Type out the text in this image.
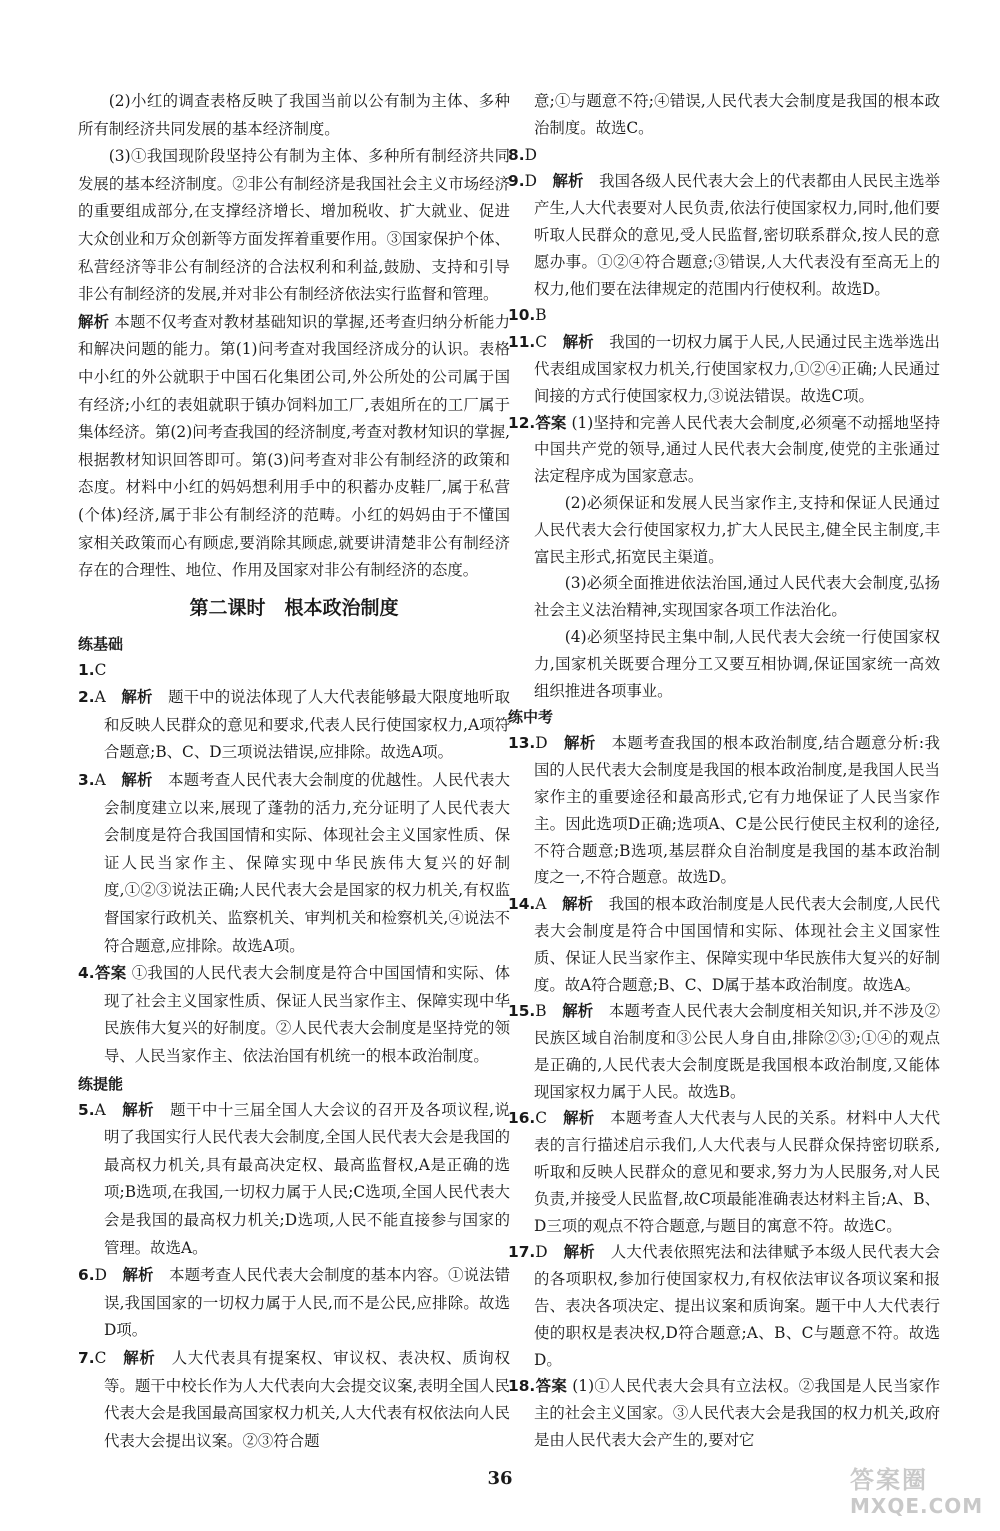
(2)小红的调查表格反映了我国当前以公有制为主体、多种所有制经济共同发展的基本经济制度。

(3)①我国现阶段坚持公有制为主体、多种所有制经济共同发展的基本经济制度。②非公有制经济是我国社会主义市场经济的重要组成部分,在支撑经济增长、增加税收、扩大就业、促进大众创业和万众创新等方面发挥着重要作用。③国家保护个体、私营经济等非公有制经济的合法权利和利益,鼓励、支持和引导非公有制经济的发展,并对非公有制经济依法实行监督和管理。

解析 本题不仅考查对教材基础知识的掌握,还考查归纳分析能力和解决问题的能力。第(1)问考查对我国经济成分的认识。表格中小红的外公就职于中国石化集团公司,外公所处的公司属于国有经济;小红的表姐就职于镇办饲料加工厂,表姐所在的工厂属于集体经济。第(2)问考查我国的经济制度,考查对教材知识的掌握,根据教材知识回答即可。第(3)问考查对非公有制经济的政策和态度。材料中小红的妈妈想利用手中的积蓄办皮鞋厂,属于私营(个体)经济,属于非公有制经济的范畴。小红的妈妈由于不懂国家相关政策而心有顾虑,要消除其顾虑,就要讲清楚非公有制经济存在的合理性、地位、作用及国家对非公有制经济的态度。

第二课时　根本政治制度

练基础

1.C

2.A　 解析　 题干中的说法体现了人大代表能够最大限度地听取和反映人民群众的意见和要求,代表人民行使国家权力,A项符合题意;B、C、D三项说法错误,应排除。故选A项。

3.A　 解析　 本题考查人民代表大会制度的优越性。人民代表大会制度建立以来,展现了蓬勃的活力,充分证明了人民代表大会制度是符合我国国情和实际、体现社会主义国家性质、保证人民当家作主、保障实现中华民族伟大复兴的好制度,①②③说法正确;人民代表大会是国家的权力机关,有权监督国家行政机关、监察机关、审判机关和检察机关,④说法不符合题意,应排除。故选A项。

4.答案 ①我国的人民代表大会制度是符合中国国情和实际、体现了社会主义国家性质、保证人民当家作主、保障实现中华民族伟大复兴的好制度。②人民代表大会制度是坚持党的领导、人民当家作主、依法治国有机统一的根本政治制度。

练提能

5.A　 解析　 题干中十三届全国人大会议的召开及各项议程,说明了我国实行人民代表大会制度,全国人民代表大会是我国的最高权力机关,具有最高决定权、最高监督权,A是正确的选项;B选项,在我国,一切权力属于人民;C选项,全国人民代表大会是我国的最高权力机关;D选项,人民不能直接参与国家的管理。故选A。

6.D　 解析　 本题考查人民代表大会制度的基本内容。①说法错误,我国国家的一切权力属于人民,而不是公民,应排除。故选D项。

7.C　 解析　 人大代表具有提案权、审议权、表决权、质询权等。题干中校长作为人大代表向大会提交议案,表明全国人民代表大会是我国最高国家权力机关,人大代表有权依法向人民代表大会提出议案。②③符合题

意;①与题意不符;④错误,人民代表大会制度是我国的根本政治制度。故选C。

8.D

9.D　 解析　 我国各级人民代表大会上的代表都由人民民主选举产生,人大代表要对人民负责,依法行使国家权力,同时,他们要听取人民群众的意见,受人民监督,密切联系群众,按人民的意愿办事。①②④符合题意;③错误,人大代表没有至高无上的权力,他们要在法律规定的范围内行使权利。故选D。

10.B

11.C　 解析　 我国的一切权力属于人民,人民通过民主选举选出代表组成国家权力机关,行使国家权力,①②④正确;人民通过间接的方式行使国家权力,③说法错误。故选C项。

12.答案 (1)坚持和完善人民代表大会制度,必须毫不动摇地坚持中国共产党的领导,通过人民代表大会制度,使党的主张通过法定程序成为国家意志。

(2)必须保证和发展人民当家作主,支持和保证人民通过人民代表大会行使国家权力,扩大人民民主,健全民主制度,丰富民主形式,拓宽民主渠道。

(3)必须全面推进依法治国,通过人民代表大会制度,弘扬社会主义法治精神,实现国家各项工作法治化。

(4)必须坚持民主集中制,人民代表大会统一行使国家权力,国家机关既要合理分工又要互相协调,保证国家统一高效组织推进各项事业。

练中考

13.D　 解析　 本题考查我国的根本政治制度,结合题意分析:我国的人民代表大会制度是我国的根本政治制度,是我国人民当家作主的重要途径和最高形式,它有力地保证了人民当家作主。因此选项D正确;选项A、C是公民行使民主权利的途径,不符合题意;B选项,基层群众自治制度是我国的基本政治制度之一,不符合题意。故选D。

14.A　 解析　 我国的根本政治制度是人民代表大会制度,人民代表大会制度是符合中国国情和实际、体现社会主义国家性质、保证人民当家作主、保障实现中华民族伟大复兴的好制度。故A符合题意;B、C、D属于基本政治制度。故选A。

15.B　 解析　 本题考查人民代表大会制度相关知识,并不涉及②民族区域自治制度和③公民人身自由,排除②③;①④的观点是正确的,人民代表大会制度既是我国根本政治制度,又能体现国家权力属于人民。故选B。

16.C　 解析　 本题考查人大代表与人民的关系。材料中人大代表的言行描述启示我们,人大代表与人民群众保持密切联系,听取和反映人民群众的意见和要求,努力为人民服务,对人民负责,并接受人民监督,故C项最能准确表达材料主旨;A、B、D三项的观点不符合题意,与题目的寓意不符。故选C。

17.D　 解析　 人大代表依照宪法和法律赋予本级人民代表大会的各项职权,参加行使国家权力,有权依法审议各项议案和报告、表决各项决定、提出议案和质询案。题干中人大代表行使的职权是表决权,D符合题意;A、B、C与题意不符。故选D。

18.答案 (1)①人民代表大会具有立法权。②我国是人民当家作主的社会主义国家。③人民代表大会是我国的权力机关,政府是由人民代表大会产生的,要对它

36	答案圈
MXQE.COM
